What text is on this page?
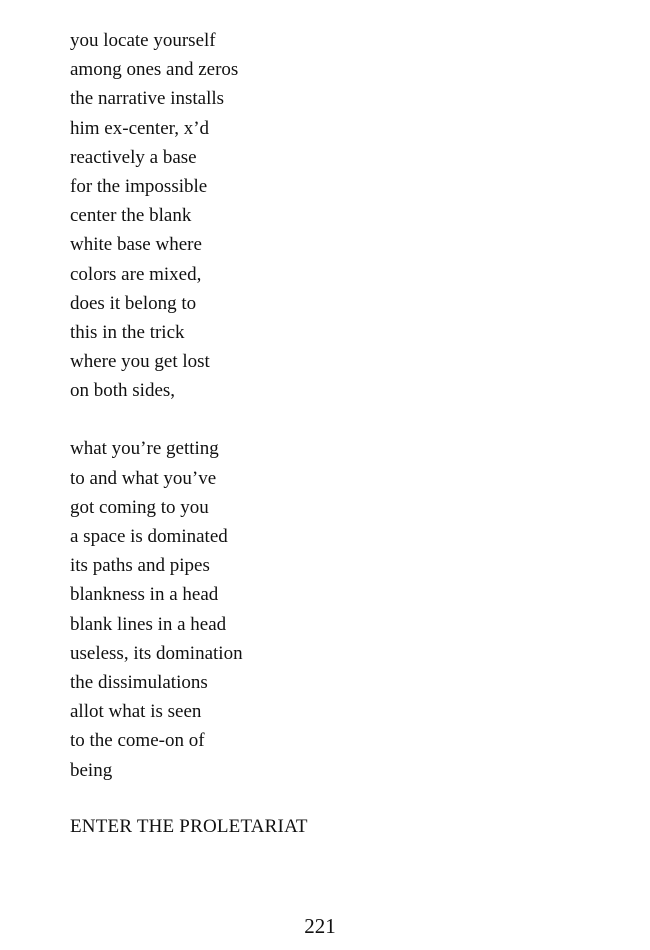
you locate yourself
among ones and zeros
the narrative installs
him ex-center, x’d
reactively a base
for the impossible
center the blank
white base where
colors are mixed,
does it belong to
this in the trick
where you get lost
on both sides,
what you’re getting
to and what you’ve
got coming to you
a space is dominated
its paths and pipes
blankness in a head
blank lines in a head
useless, its domination
the dissimulations
allot what is seen
to the come-on of
being

ENTER THE PROLETARIAT

221
